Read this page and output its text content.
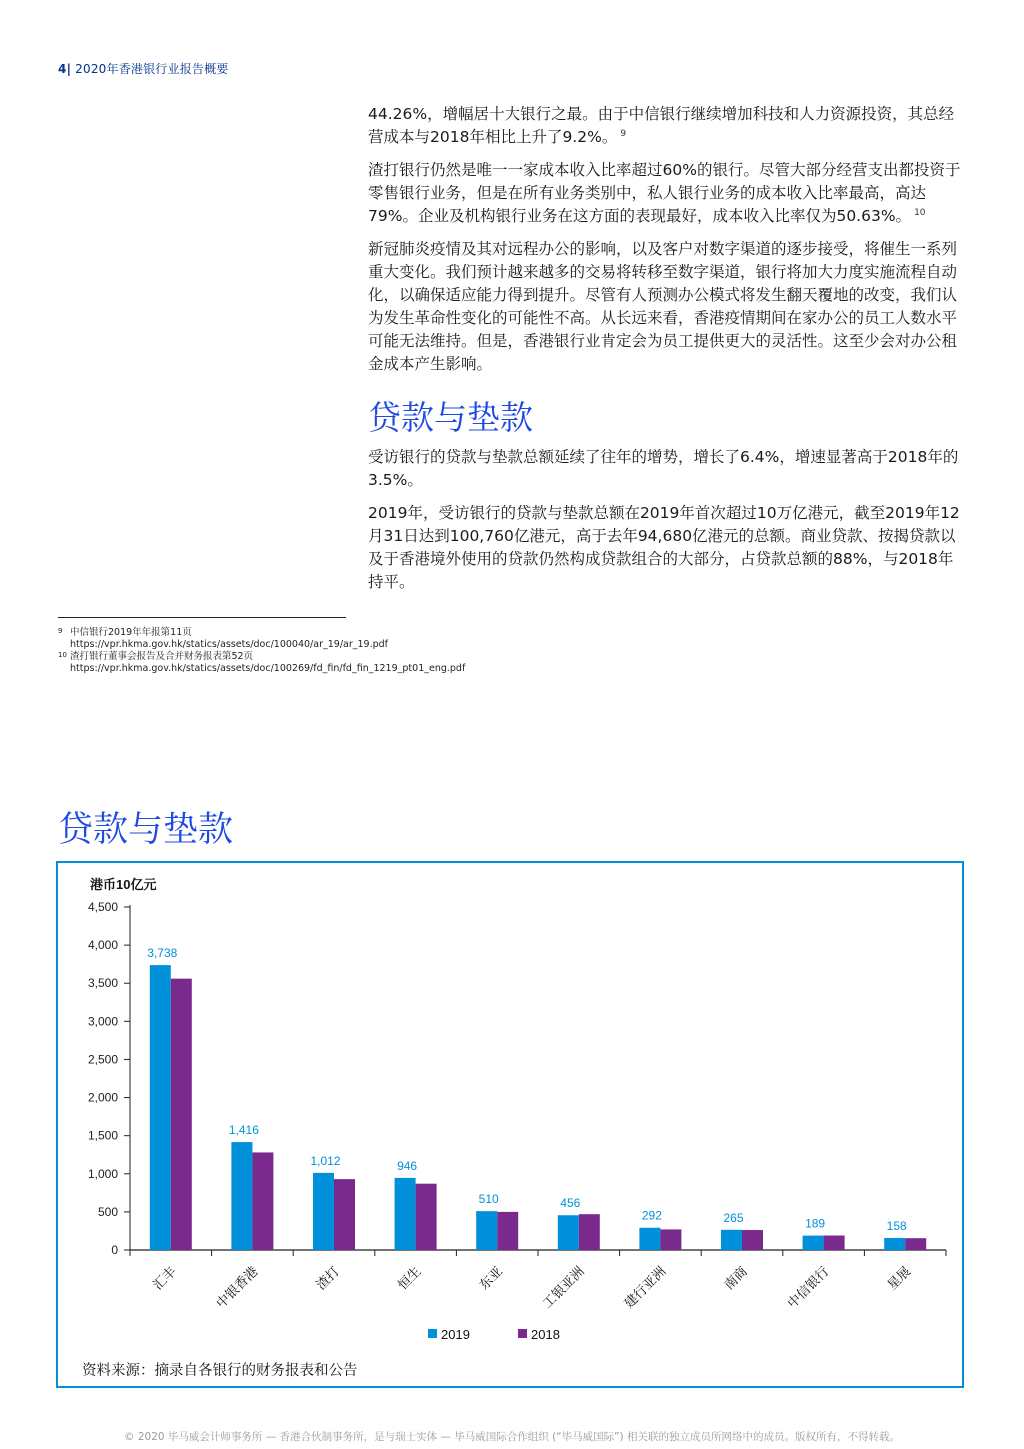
4| 2020年香港银行业报告概要

44.26%，增幅居十大银行之最。由于中信银行继续增加科技和人力资源投资，其总经营成本与2018年相比上升了9.2%。 $^9$

渣打银行仍然是唯一一家成本收入比率超过60%的银行。尽管大部分经营支出都投资于零售银行业务，但是在所有业务类别中，私人银行业务的成本收入比率最高，高达79%。企业及机构银行业务在这方面的表现最好，成本收入比率仅为50.63%。 $^{10}$

新冠肺炎疫情及其对远程办公的影响，以及客户对数字渠道的逐步接受，将催生一系列重大变化。我们预计越来越多的交易将转移至数字渠道，银行将加大力度实施流程自动化，以确保适应能力得到提升。尽管有人预测办公模式将发生翻天覆地的改变，我们认为发生革命性变化的可能性不高。从长远来看，香港疫情期间在家办公的员工人数水平可能无法维持。但是，香港银行业肯定会为员工提供更大的灵活性。这至少会对办公租金成本产生影响。

贷款与垫款

受访银行的贷款与垫款总额延续了往年的增势，增长了6.4%，增速显著高于2018年的3.5%。

2019年，受访银行的贷款与垫款总额在2019年首次超过10万亿港元，截至2019年12月31日达到100,760亿港元，高于去年94,680亿港元的总额。商业贷款、按揭贷款以及于香港境外使用的贷款仍然构成贷款组合的大部分，占贷款总额的88%，与2018年持平。

9 中信银行2019年年报第11页 https://vpr.hkma.gov.hk/statics/assets/doc/100040/ar_19/ar_19.pdf
10 渣打银行董事会报告及合并财务报表第52页 https://vpr.hkma.gov.hk/statics/assets/doc/100269/fd_fin/fd_fin_1219_pt01_eng.pdf
贷款与垫款
港币10亿元
0
500
1,000
1,500
2,000
2,500
3,000
3,500
4,000
4,500
3,738
汇丰
1,416
中银香港
1,012
渣打
946
恒生
510
东亚
456
工银亚洲
292
建行亚洲
265
南商
189
中信银行
158
星展
2019	2018
资料来源：摘录自各银行的财务报表和公告
© 2020 毕马威会计师事务所 — 香港合伙制事务所，是与瑞士实体 — 毕马威国际合作组织 (“毕马威国际”) 相关联的独立成员所网络中的成员。版权所有，不得转载。
